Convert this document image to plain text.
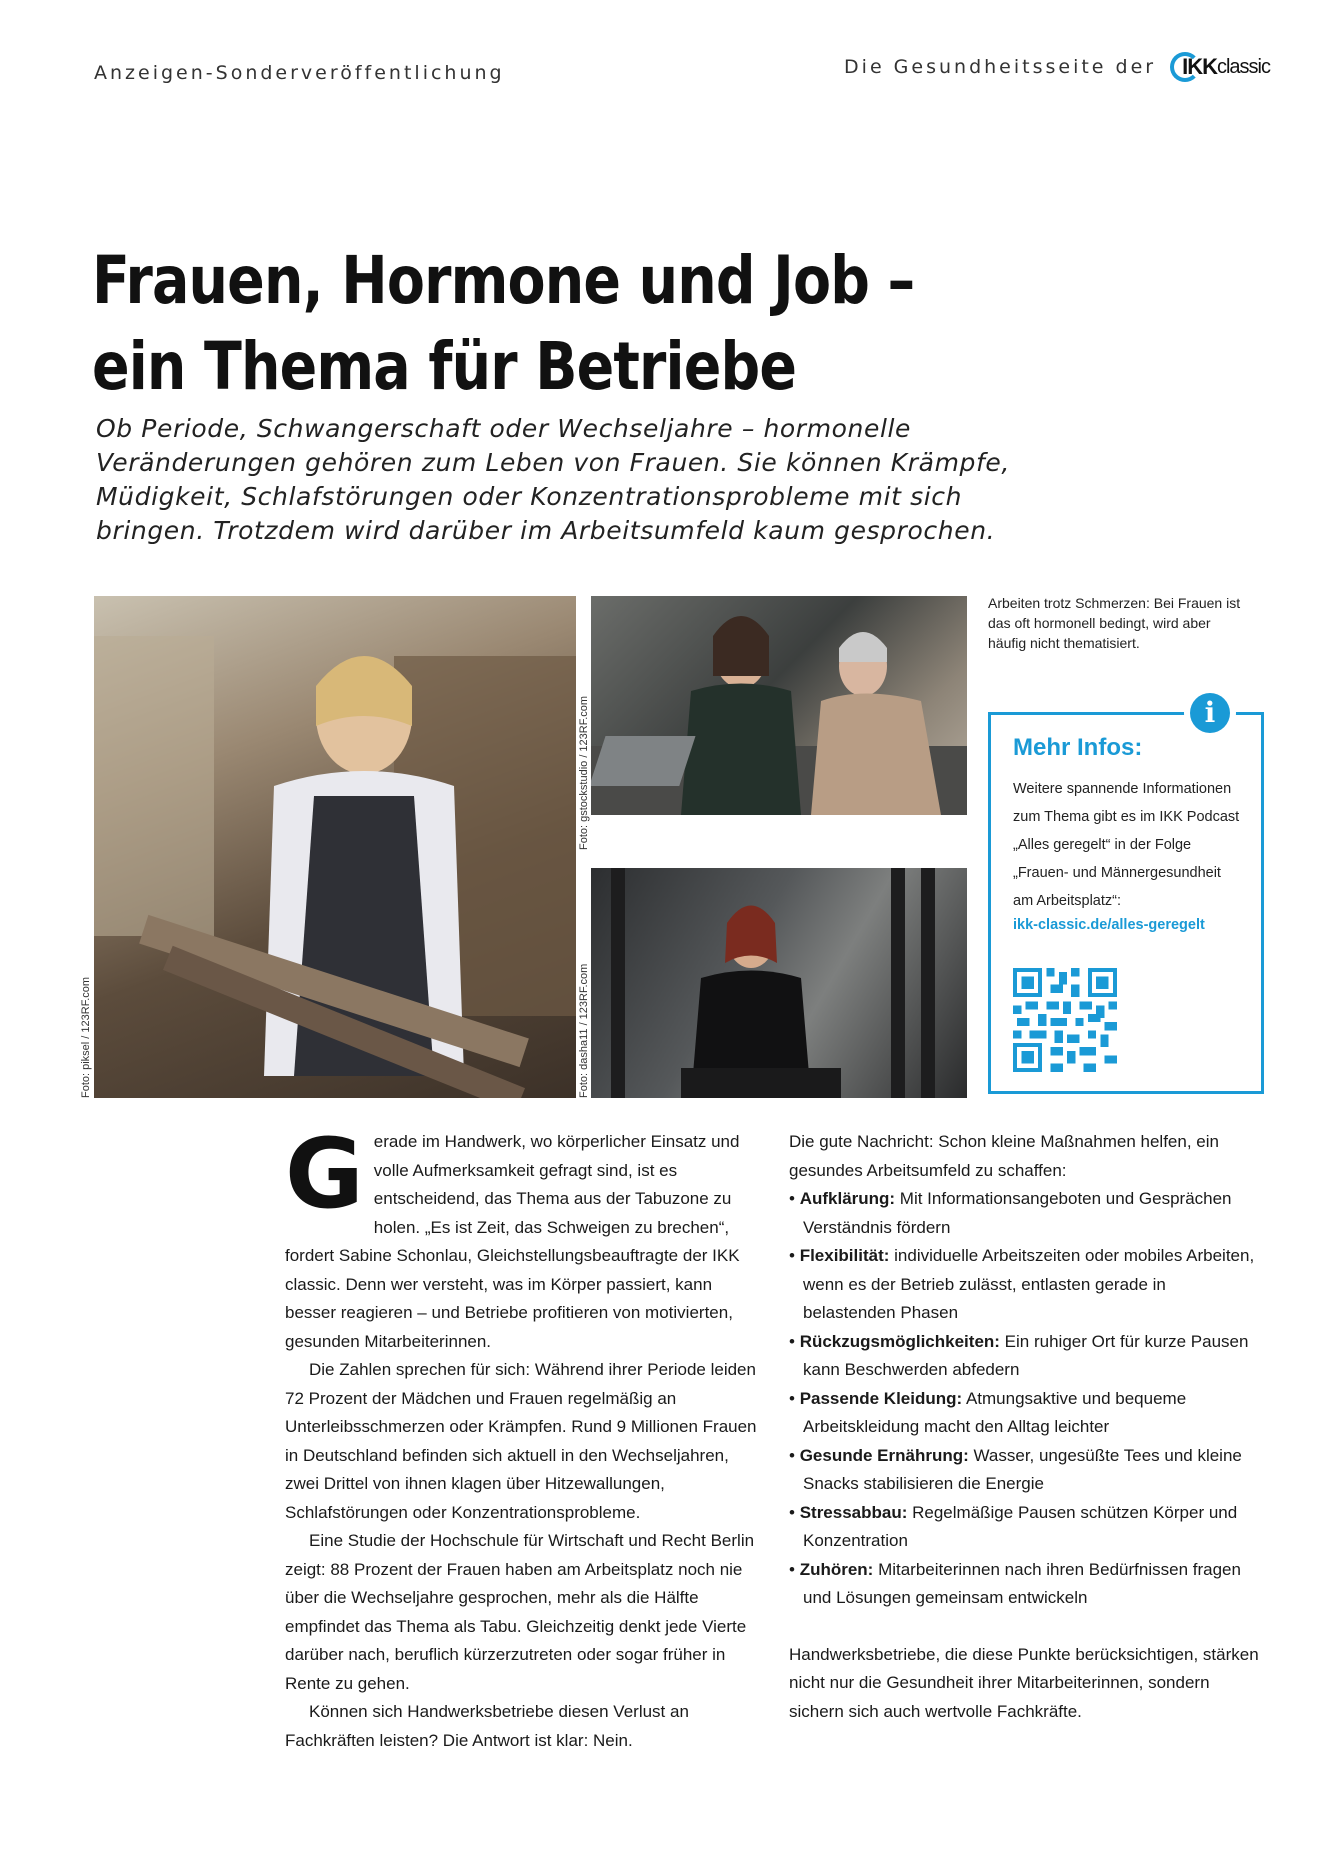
Anzeigen-Sonderveröffentlichung	Die Gesundheitsseite der IKK classic
Frauen, Hormone und Job –
ein Thema für Betriebe

Ob Periode, Schwangerschaft oder Wechseljahre – hormonelle Veränderungen gehören zum Leben von Frauen. Sie können Krämpfe, Müdigkeit, Schlafstörungen oder Konzentrationsprobleme mit sich bringen. Trotzdem wird darüber im Arbeitsumfeld kaum gesprochen.

Foto: piksel / 123RF.com
Foto: gstockstudio / 123RF.com
Foto: dasha11 / 123RF.com

Arbeiten trotz Schmerzen: Bei Frauen ist das oft hormonell bedingt, wird aber häufig nicht thematisiert.

i
Mehr Infos:

Weitere spannende Informationen zum Thema gibt es im IKK Podcast „Alles geregelt“ in der Folge „Frauen- und Männergesundheit am Arbeitsplatz“:

ikk-classic.de/alles-geregelt

G erade im Handwerk, wo körperlicher Einsatz und volle Aufmerksamkeit gefragt sind, ist es entscheidend, das Thema aus der Tabuzone zu holen. „Es ist Zeit, das Schweigen zu brechen“, fordert Sabine Schonlau, Gleichstellungsbeauftragte der IKK classic. Denn wer versteht, was im Körper passiert, kann besser reagieren – und Betriebe profitieren von motivierten, gesunden Mitarbeiterinnen.

Die Zahlen sprechen für sich: Während ihrer Periode leiden 72 Prozent der Mädchen und Frauen regelmäßig an Unterleibsschmerzen oder Krämpfen. Rund 9 Millionen Frauen in Deutschland befinden sich aktuell in den Wechseljahren, zwei Drittel von ihnen klagen über Hitzewallungen, Schlafstörungen oder Konzentrationsprobleme.

Eine Studie der Hochschule für Wirtschaft und Recht Berlin zeigt: 88 Prozent der Frauen haben am Arbeitsplatz noch nie über die Wechseljahre gesprochen, mehr als die Hälfte empfindet das Thema als Tabu. Gleichzeitig denkt jede Vierte darüber nach, beruflich kürzerzutreten oder sogar früher in Rente zu gehen.

Können sich Handwerksbetriebe diesen Verlust an Fachkräften leisten? Die Antwort ist klar: Nein.

Die gute Nachricht: Schon kleine Maßnahmen helfen, ein gesundes Arbeitsumfeld zu schaffen:

• Aufklärung: Mit Informationsangeboten und Gesprächen Verständnis fördern
• Flexibilität: individuelle Arbeitszeiten oder mobiles Arbeiten, wenn es der Betrieb zulässt, entlasten gerade in belastenden Phasen
• Rückzugsmöglichkeiten: Ein ruhiger Ort für kurze Pausen kann Beschwerden abfedern
• Passende Kleidung: Atmungsaktive und bequeme Arbeitskleidung macht den Alltag leichter
• Gesunde Ernährung: Wasser, ungesüßte Tees und kleine Snacks stabilisieren die Energie
• Stressabbau: Regelmäßige Pausen schützen Körper und Konzentration
• Zuhören: Mitarbeiterinnen nach ihren Bedürfnissen fragen und Lösungen gemeinsam entwickeln

Handwerksbetriebe, die diese Punkte berücksichtigen, stärken nicht nur die Gesundheit ihrer Mitarbeiterinnen, sondern sichern sich auch wertvolle Fachkräfte.
